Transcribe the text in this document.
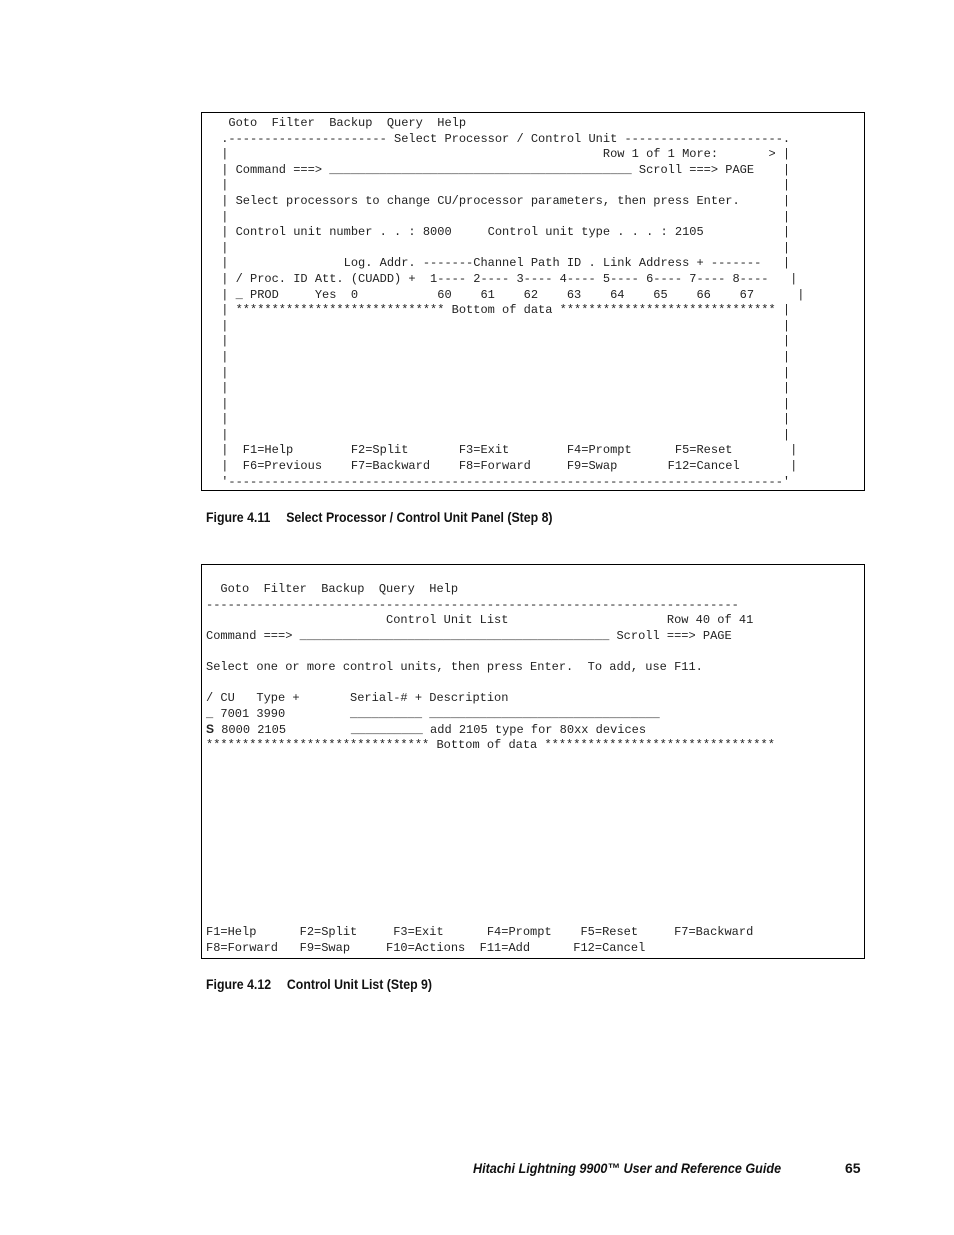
Goto  Filter  Backup  Query  Help
.---------------------- Select Processor / Control Unit ----------------------.
|                                                    Row 1 of 1 More:       > |
| Command ===> __________________________________________ Scroll ===> PAGE    |
|                                                                             |
| Select processors to change CU/processor parameters, then press Enter.      |
|                                                                             |
| Control unit number . . : 8000     Control unit type . . . : 2105           |
|                                                                             |
|                Log. Addr. -------Channel Path ID . Link Address + -------   |
| / Proc. ID Att. (CUADD) +  1---- 2---- 3---- 4---- 5---- 6---- 7---- 8----   |
| _ PROD     Yes  0           60    61    62    63    64    65    66    67      |
| ***************************** Bottom of data ****************************** |
|                                                                             |
|                                                                             |
|                                                                             |
|                                                                             |
|                                                                             |
|                                                                             |
|                                                                             |
|                                                                             |
|  F1=Help        F2=Split       F3=Exit        F4=Prompt      F5=Reset        |
|  F6=Previous    F7=Backward    F8=Forward     F9=Swap       F12=Cancel       |
'-----------------------------------------------------------------------------'
Figure 4.11 Select Processor / Control Unit Panel (Step 8)
Goto  Filter  Backup  Query  Help
--------------------------------------------------------------------------
Control Unit List                      Row 40 of 41
Command ===> ___________________________________________ Scroll ===> PAGE
Select one or more control units, then press Enter.  To add, use F11.
/ CU   Type +       Serial-# + Description
_ 7001 3990         __________ ________________________________
S 8000 2105         __________ add 2105 type for 80xx devices
******************************* Bottom of data ********************************
F1=Help      F2=Split     F3=Exit      F4=Prompt    F5=Reset     F7=Backward
F8=Forward   F9=Swap     F10=Actions  F11=Add      F12=Cancel
Figure 4.12 Control Unit List (Step 9)
Hitachi Lightning 9900™ User and Reference Guide	65
